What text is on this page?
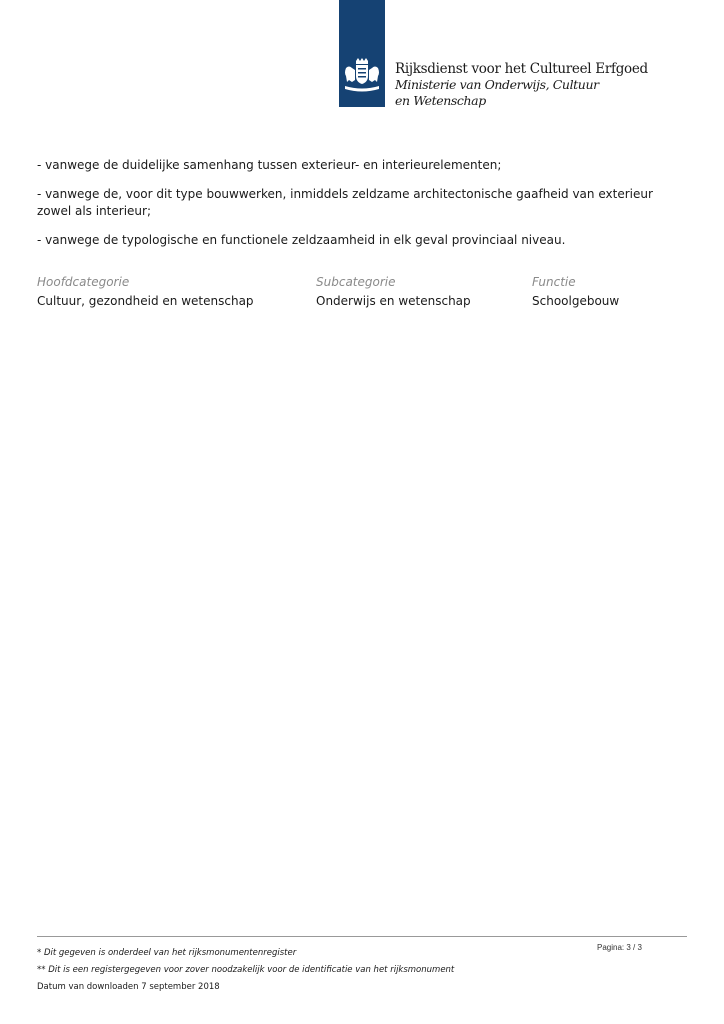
Rijksdienst voor het Cultureel Erfgoed
Ministerie van Onderwijs, Cultuur en Wetenschap
- vanwege de duidelijke samenhang tussen exterieur- en interieurelementen;
- vanwege de, voor dit type bouwwerken, inmiddels zeldzame architectonische gaafheid van exterieur zowel als interieur;
- vanwege de typologische en functionele zeldzaamheid in elk geval provinciaal niveau.
Hoofdcategorie
Cultuur, gezondheid en wetenschap
Subcategorie
Onderwijs en wetenschap
Functie
Schoolgebouw
Pagina: 3 / 3
* Dit gegeven is onderdeel van het rijksmonumentenregister
** Dit is een registergegeven voor zover noodzakelijk voor de identificatie van het rijksmonument
Datum van downloaden 7 september 2018
